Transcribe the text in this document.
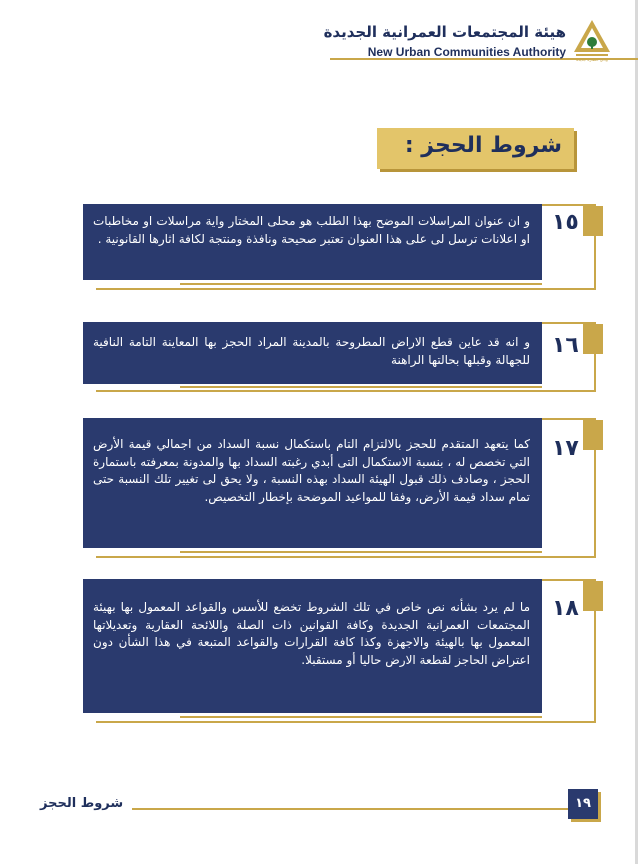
هيئة المجتمعات العمرانية الجديدة
New Urban Communities Authority
وادي حضارة جديدة
شروط الحجز :
و ان عنوان المراسلات الموضح بهذا الطلب هو محلى المختار واية مراسلات او مخاطبات او اعلانات ترسل لى على هذا العنوان تعتبر صحيحة ونافذة ومنتجة لكافة اثارها القانونية .
١٥
و انه قد عاين قطع الاراض المطروحة بالمدينة المراد الحجز بها المعاينة التامة النافية للجهالة وقبلها بحالتها الراهنة
١٦
كما يتعهد المتقدم للحجز بالالتزام التام باستكمال نسبة السداد من اجمالي قيمة الأرض التي تخصص له ، بنسبة الاستكمال التى أبدي رغبته السداد بها والمدونة بمعرفته باستمارة الحجز ، وصادف ذلك قبول الهيئة السداد بهذه النسبة ، ولا يحق لى تغيير تلك النسبة حتى تمام سداد قيمة الأرض، وفقا للمواعيد الموضحة بإخطار التخصيص.
١٧
ما لم يرد بشأنه نص خاص في تلك الشروط تخضع للأسس والقواعد المعمول بها بهيئة المجتمعات العمرانية الجديدة وكافة القوانين ذات الصلة واللائحة العقارية وتعديلاتها المعمول بها بالهيئة والاجهزة وكذا كافة القرارات والقواعد المتبعة في هذا الشأن دون اعتراض الحاجز لقطعة الارض حاليا أو مستقبلا.
١٨
شروط الحجز	١٩
